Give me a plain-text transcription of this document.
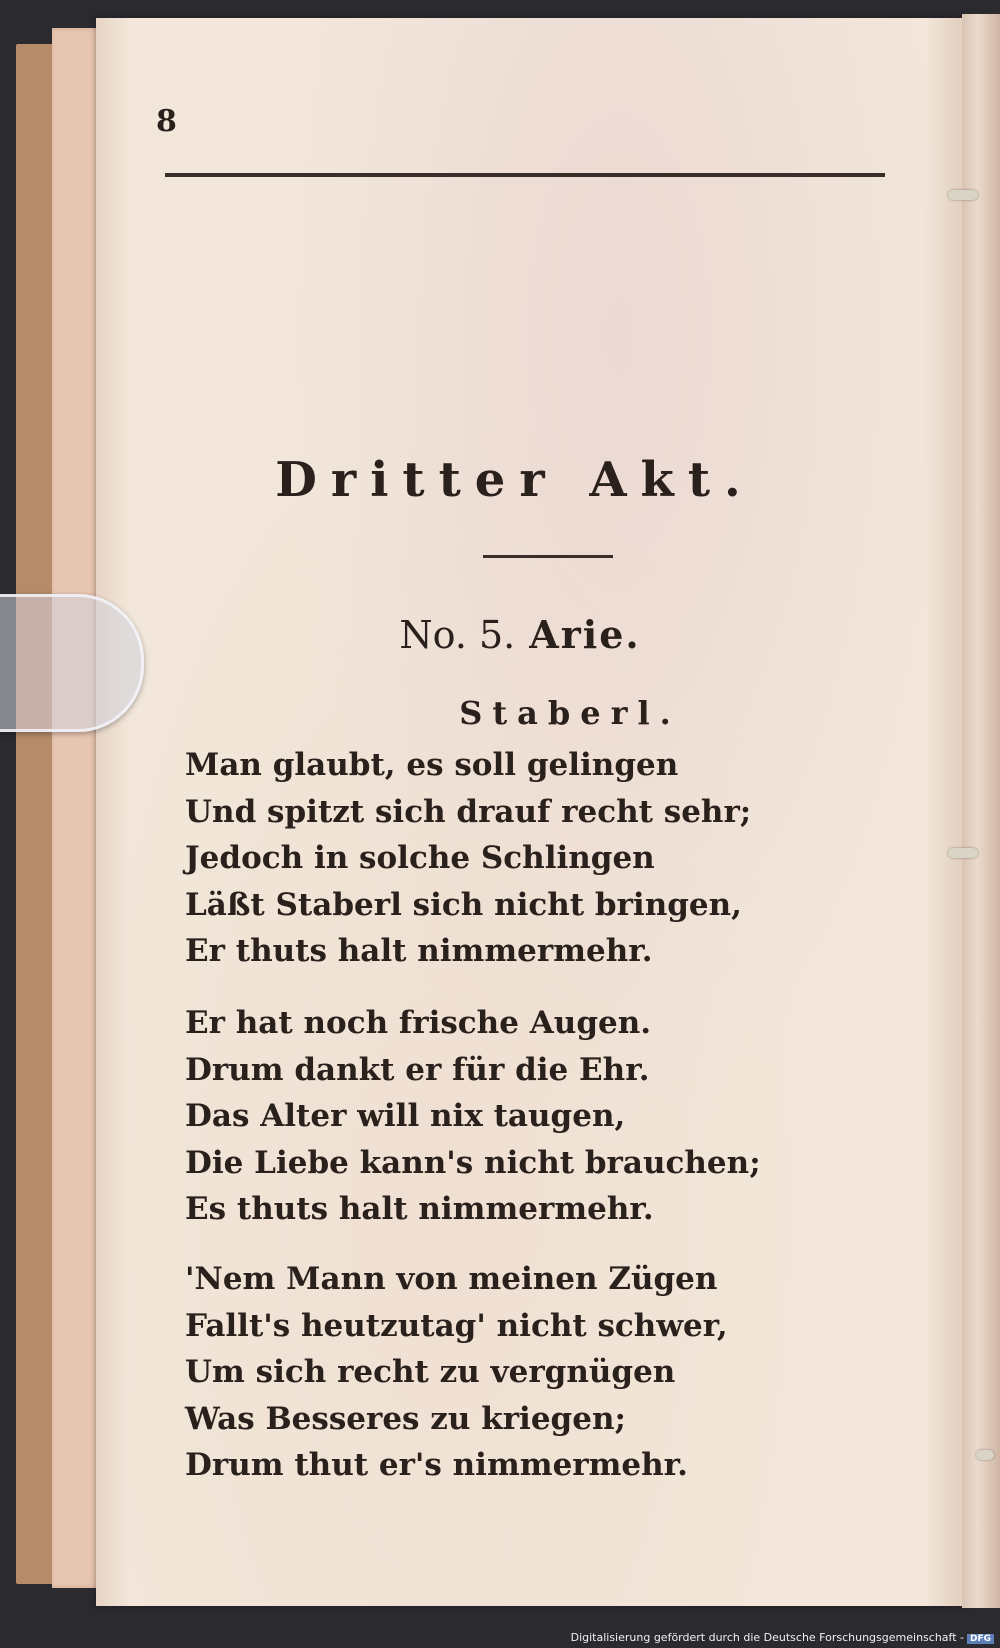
8
Dritter Akt.
No. 5. Arie.
Staberl.
Man glaubt, es soll gelingen
Und spitzt sich drauf recht sehr;
Jedoch in solche Schlingen
Läßt Staberl sich nicht bringen,
Er thuts halt nimmermehr.
Er hat noch frische Augen.
Drum dankt er für die Ehr.
Das Alter will nix taugen,
Die Liebe kann's nicht brauchen;
Es thuts halt nimmermehr.
'Nem Mann von meinen Zügen
Fallt's heutzutag' nicht schwer,
Um sich recht zu vergnügen
Was Besseres zu kriegen;
Drum thut er's nimmermehr.
Digitalisierung gefördert durch die Deutsche Forschungsgemeinschaft - DFG
